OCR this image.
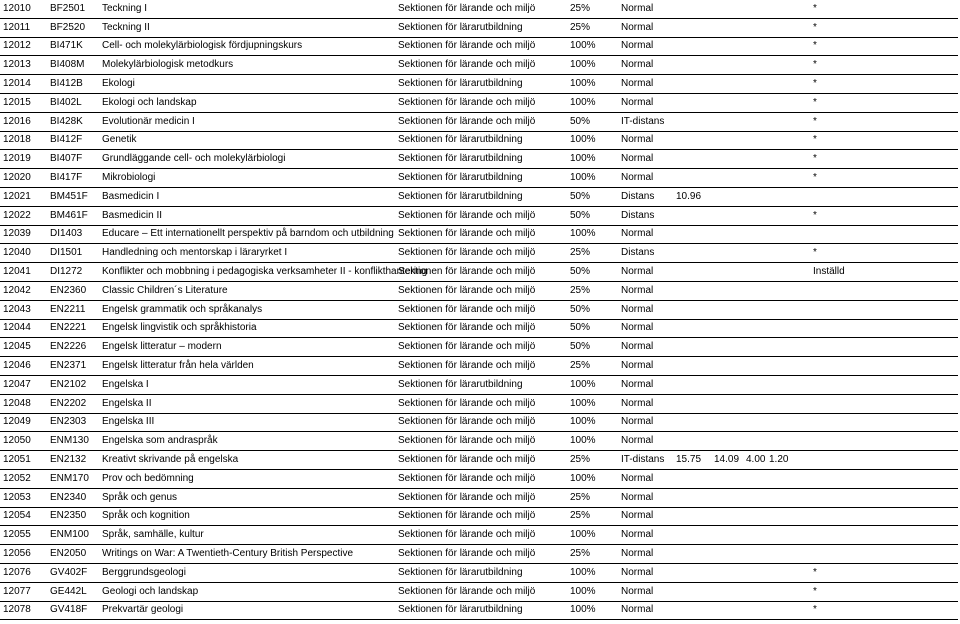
12010	BF2501	Teckning I	Sektionen för lärande och miljö	25%	Normal						*
12011	BF2520	Teckning II	Sektionen för lärarutbildning	25%	Normal						*
12012	BI471K	Cell- och molekylärbiologisk fördjupningskurs	Sektionen för lärande och miljö	100%	Normal						*
12013	BI408M	Molekylärbiologisk metodkurs	Sektionen för lärande och miljö	100%	Normal						*
12014	BI412B	Ekologi	Sektionen för lärarutbildning	100%	Normal						*
12015	BI402L	Ekologi och landskap	Sektionen för lärande och miljö	100%	Normal						*
12016	BI428K	Evolutionär medicin I	Sektionen för lärande och miljö	50%	IT-distans						*
12018	BI412F	Genetik	Sektionen för lärarutbildning	100%	Normal						*
12019	BI407F	Grundläggande cell- och molekylärbiologi	Sektionen för lärarutbildning	100%	Normal						*
12020	BI417F	Mikrobiologi	Sektionen för lärarutbildning	100%	Normal						*
12021	BM451F	Basmedicin I	Sektionen för lärarutbildning	50%	Distans	10.96					
12022	BM461F	Basmedicin II	Sektionen för lärande och miljö	50%	Distans						*
12039	DI1403	Educare – Ett internationellt perspektiv på barndom och utbildning	Sektionen för lärande och miljö	100%	Normal						
12040	DI1501	Handledning och mentorskap i läraryrket I	Sektionen för lärande och miljö	25%	Distans						*
12041	DI1272	Konflikter och mobbning i pedagogiska verksamheter II - konflikthantering	Sektionen för lärande och miljö	50%	Normal						Inställd
12042	EN2360	Classic Children´s Literature	Sektionen för lärande och miljö	25%	Normal						
12043	EN2211	Engelsk grammatik och språkanalys	Sektionen för lärande och miljö	50%	Normal						
12044	EN2221	Engelsk lingvistik och språkhistoria	Sektionen för lärande och miljö	50%	Normal						
12045	EN2226	Engelsk litteratur – modern	Sektionen för lärande och miljö	50%	Normal						
12046	EN2371	Engelsk litteratur från hela världen	Sektionen för lärande och miljö	25%	Normal						
12047	EN2102	Engelska I	Sektionen för lärarutbildning	100%	Normal						
12048	EN2202	Engelska II	Sektionen för lärande och miljö	100%	Normal						
12049	EN2303	Engelska III	Sektionen för lärande och miljö	100%	Normal						
12050	ENM130	Engelska som andraspråk	Sektionen för lärande och miljö	100%	Normal						
12051	EN2132	Kreativt skrivande på engelska	Sektionen för lärande och miljö	25%	IT-distans	15.75	14.09	4.00	1.20		
12052	ENM170	Prov och bedömning	Sektionen för lärande och miljö	100%	Normal						
12053	EN2340	Språk och genus	Sektionen för lärande och miljö	25%	Normal						
12054	EN2350	Språk och kognition	Sektionen för lärande och miljö	25%	Normal						
12055	ENM100	Språk, samhälle, kultur	Sektionen för lärande och miljö	100%	Normal						
12056	EN2050	Writings on War: A Twentieth-Century British Perspective	Sektionen för lärande och miljö	25%	Normal						
12076	GV402F	Berggrundsgeologi	Sektionen för lärarutbildning	100%	Normal						*
12077	GE442L	Geologi och landskap	Sektionen för lärande och miljö	100%	Normal						*
12078	GV418F	Prekvartär geologi	Sektionen för lärarutbildning	100%	Normal						*
